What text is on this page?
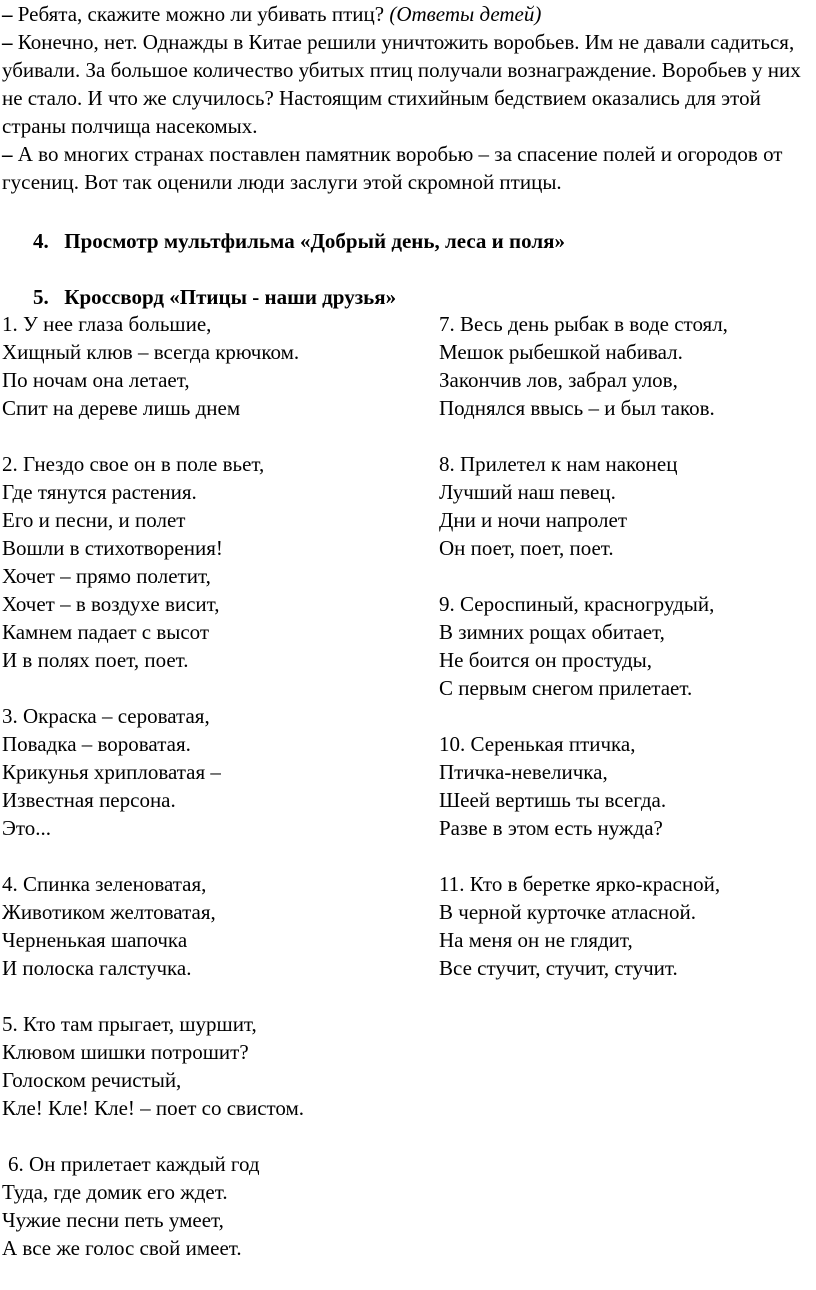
– Ребята, скажите можно ли убивать птиц? (Ответы детей)

– Конечно, нет. Однажды в Китае решили уничтожить воробьев. Им не давали садиться, убивали. За большое количество убитых птиц получали вознаграждение. Воробьев у них не стало. И что же случилось? Настоящим стихийным бедствием оказались для этой страны полчища насекомых.

– А во многих странах поставлен памятник воробью – за спасение полей и огородов от гусениц. Вот так оценили люди заслуги этой скромной птицы.

4. Просмотр мультфильма «Добрый день, леса и поля»
5. Кроссворд «Птицы - наши друзья»
1. У нее глаза большие,
Хищный клюв – всегда крючком.
По ночам она летает,
Спит на дереве лишь днем
2. Гнездо свое он в поле вьет,
Где тянутся растения.
Его и песни, и полет
Вошли в стихотворения!
Хочет – прямо полетит,
Хочет – в воздухе висит,
Камнем падает с высот
И в полях поет, поет.
3. Окраска – сероватая,
Повадка – вороватая.
Крикунья хрипловатая –
Известная персона.
Это...
4. Спинка зеленоватая,
Животиком желтоватая,
Черненькая шапочка
И полоска галстучка.
5. Кто там прыгает, шуршит,
Клювом шишки потрошит?
Голоском речистый,
Кле! Кле! Кле! – поет со свистом.
6. Он прилетает каждый год
Туда, где домик его ждет.
Чужие песни петь умеет,
А все же голос свой имеет.
7. Весь день рыбак в воде стоял,
Мешок рыбешкой набивал.
Закончив лов, забрал улов,
Поднялся ввысь – и был таков.
8. Прилетел к нам наконец
Лучший наш певец.
Дни и ночи напролет
Он поет, поет, поет.
9. Сероспиный, красногрудый,
В зимних рощах обитает,
Не боится он простуды,
С первым снегом прилетает.
10. Серенькая птичка,
Птичка-невеличка,
Шеей вертишь ты всегда.
Разве в этом есть нужда?
11. Кто в беретке ярко-красной,
В черной курточке атласной.
На меня он не глядит,
Все стучит, стучит, стучит.
